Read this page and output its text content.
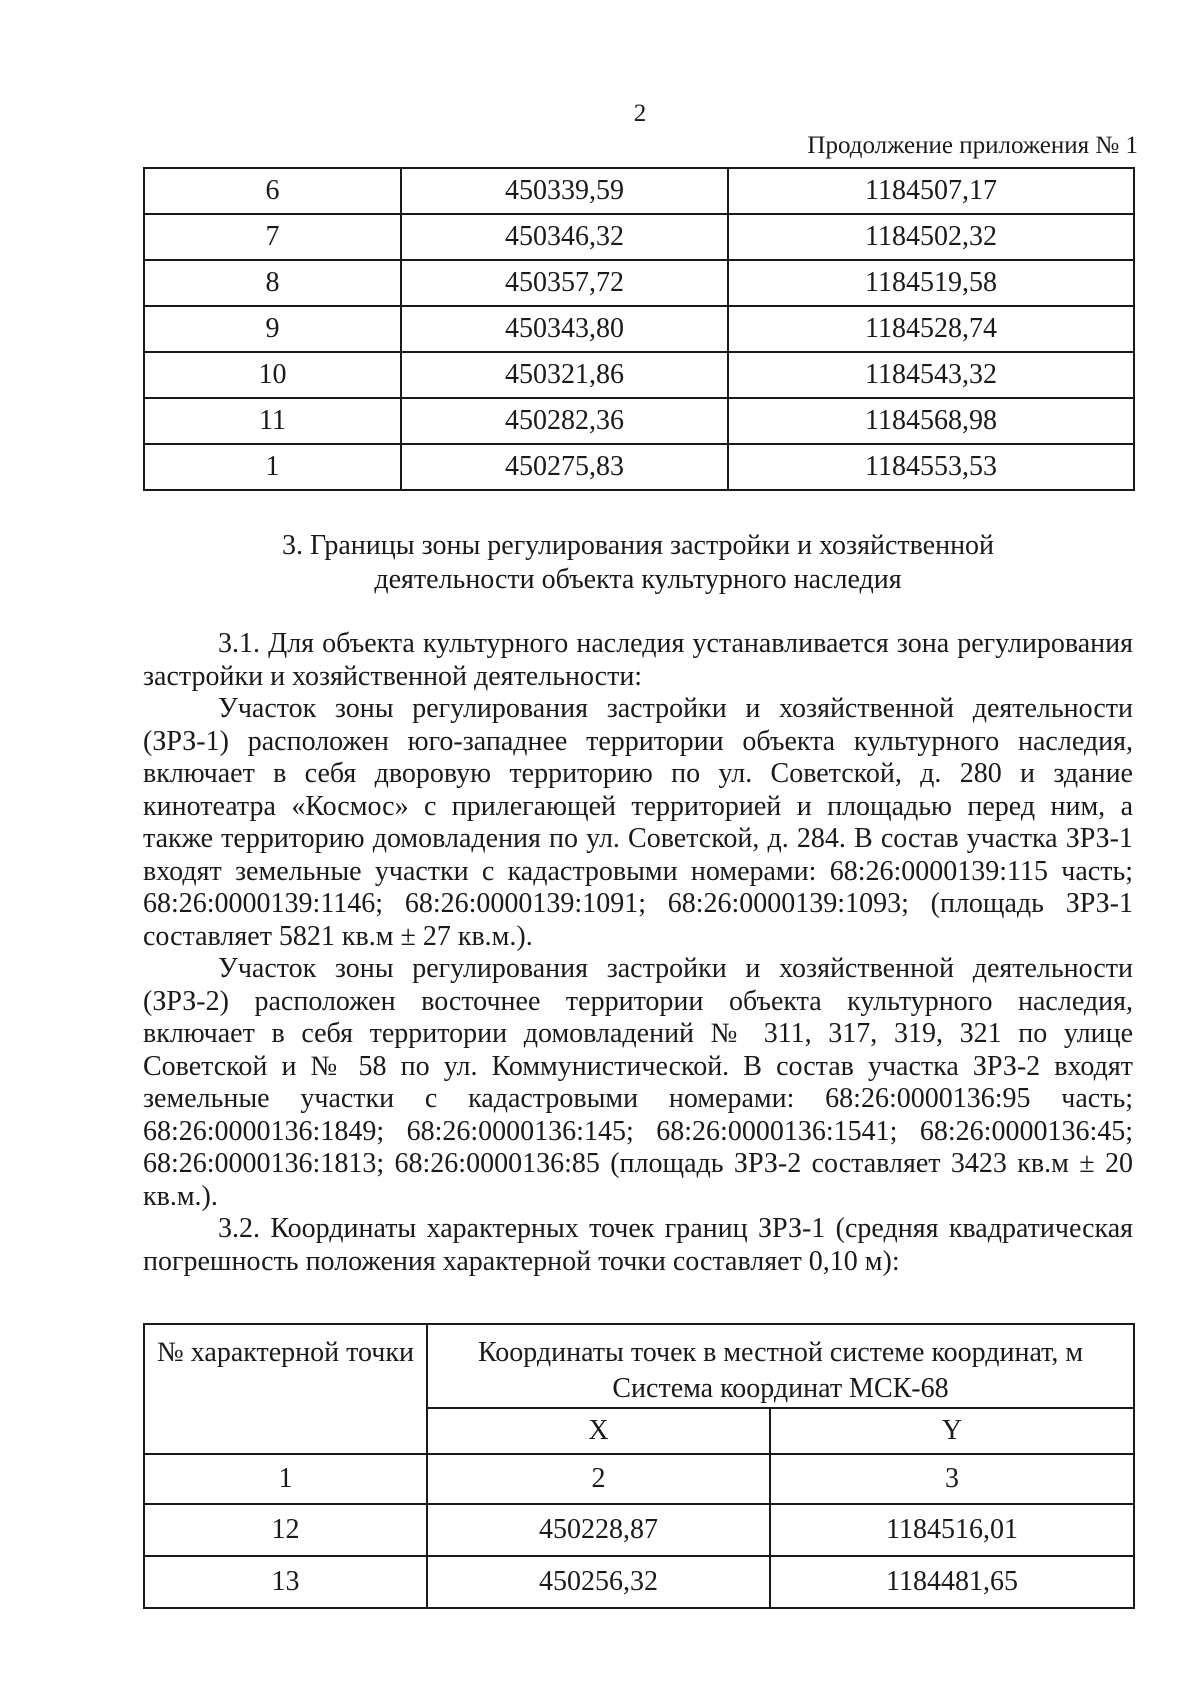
2
Продолжение приложения № 1
6	450339,59	1184507,17
7	450346,32	1184502,32
8	450357,72	1184519,58
9	450343,80	1184528,74
10	450321,86	1184543,32
11	450282,36	1184568,98
1	450275,83	1184553,53
3. Границы зоны регулирования застройки и хозяйственной
деятельности объекта культурного наследия

3.1. Для объекта культурного наследия устанавливается зона регулирования застройки и хозяйственной деятельности:

Участок зоны регулирования застройки и хозяйственной деятельности (ЗРЗ-1) расположен юго-западнее территории объекта культурного наследия, включает в себя дворовую территорию по ул. Советской, д. 280 и здание кинотеатра «Космос» с прилегающей территорией и площадью перед ним, а также территорию домовладения по ул. Советской, д. 284. В состав участка ЗРЗ-1 входят земельные участки с кадастровыми номерами: 68:26:0000139:115 часть; 68:26:0000139:1146; 68:26:0000139:1091; 68:26:0000139:1093; (площадь ЗРЗ-1 составляет 5821 кв.м ± 27 кв.м.).

Участок зоны регулирования застройки и хозяйственной деятельности (ЗРЗ-2) расположен восточнее территории объекта культурного наследия, включает в себя территории домовладений № 311, 317, 319, 321 по улице Советской и № 58 по ул. Коммунистической. В состав участка ЗРЗ-2 входят земельные участки с кадастровыми номерами: 68:26:0000136:95 часть; 68:26:0000136:1849; 68:26:0000136:145; 68:26:0000136:1541; 68:26:0000136:45; 68:26:0000136:1813; 68:26:0000136:85 (площадь ЗРЗ-2 составляет 3423 кв.м ± 20 кв.м.).

3.2. Координаты характерных точек границ ЗРЗ-1 (средняя квадратическая погрешность положения характерной точки составляет 0,10 м):

№ характерной точки	Координаты точек в местной системе координат, м
Система координат МСК-68	

	X	Y
1	2	3
12	450228,87	1184516,01
13	450256,32	1184481,65
